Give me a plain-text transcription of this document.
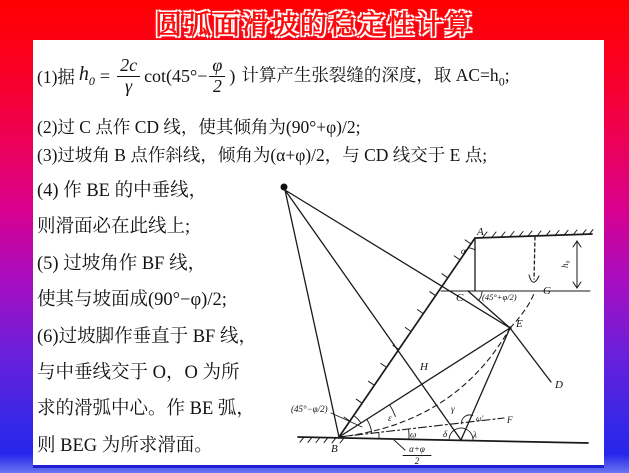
圆弧面滑坡的稳定性计算
(1)据 $h_0 = \frac{2c}{\gamma} \cot(45^\circ- \frac{\varphi}{2}$ ) 计算产生张裂缝的深度，取 $AC=h_0$;
(2)过 C 点作 CD 线，使其倾角为(90°+φ)/2;
(3)过坡角 B 点作斜线，倾角为(α+φ)/2，与 CD 线交于 E 点;
(4) 作 BE 的中垂线，
则滑面必在此线上;
(5) 过坡角作 BF 线，
使其与坡面成(90°−φ)/2;
(6)过坡脚作垂直于 BF 线，
与中垂线交于 O，O 为所
求的滑弧中心。作 BE 弧，
则 BEG 为所求滑面。
A
B
C
D
E
F
G
H
α
(45°+φ/2)
h₀
(45°−φ/2)
ε
ω	δ	λ
γ
ω′
α+φ
2
